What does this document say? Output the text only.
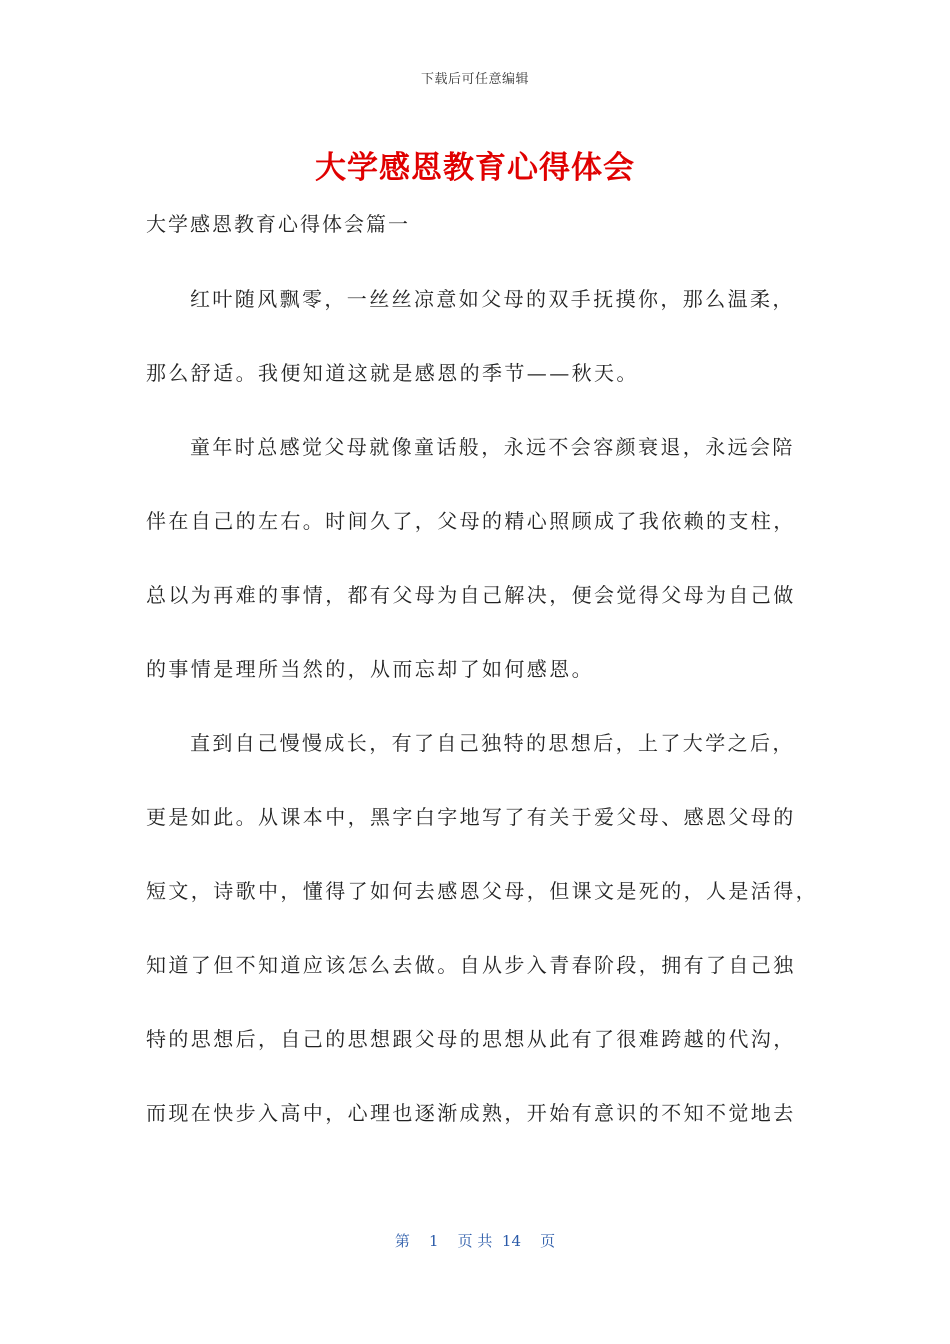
下载后可任意编辑
大学感恩教育心得体会
大学感恩教育心得体会篇一
红叶随风飘零，一丝丝凉意如父母的双手抚摸你，那么温柔，
那么舒适。我便知道这就是感恩的季节——秋天。
童年时总感觉父母就像童话般，永远不会容颜衰退，永远会陪
伴在自己的左右。时间久了，父母的精心照顾成了我依赖的支柱，
总以为再难的事情，都有父母为自己解决，便会觉得父母为自己做
的事情是理所当然的，从而忘却了如何感恩。
直到自己慢慢成长，有了自己独特的思想后，上了大学之后，
更是如此。从课本中，黑字白字地写了有关于爱父母、感恩父母的
短文，诗歌中，懂得了如何去感恩父母，但课文是死的，人是活得，
知道了但不知道应该怎么去做。自从步入青春阶段，拥有了自己独
特的思想后，自己的思想跟父母的思想从此有了很难跨越的代沟，
而现在快步入高中，心理也逐渐成熟，开始有意识的不知不觉地去
第 1 页 共 14 页
